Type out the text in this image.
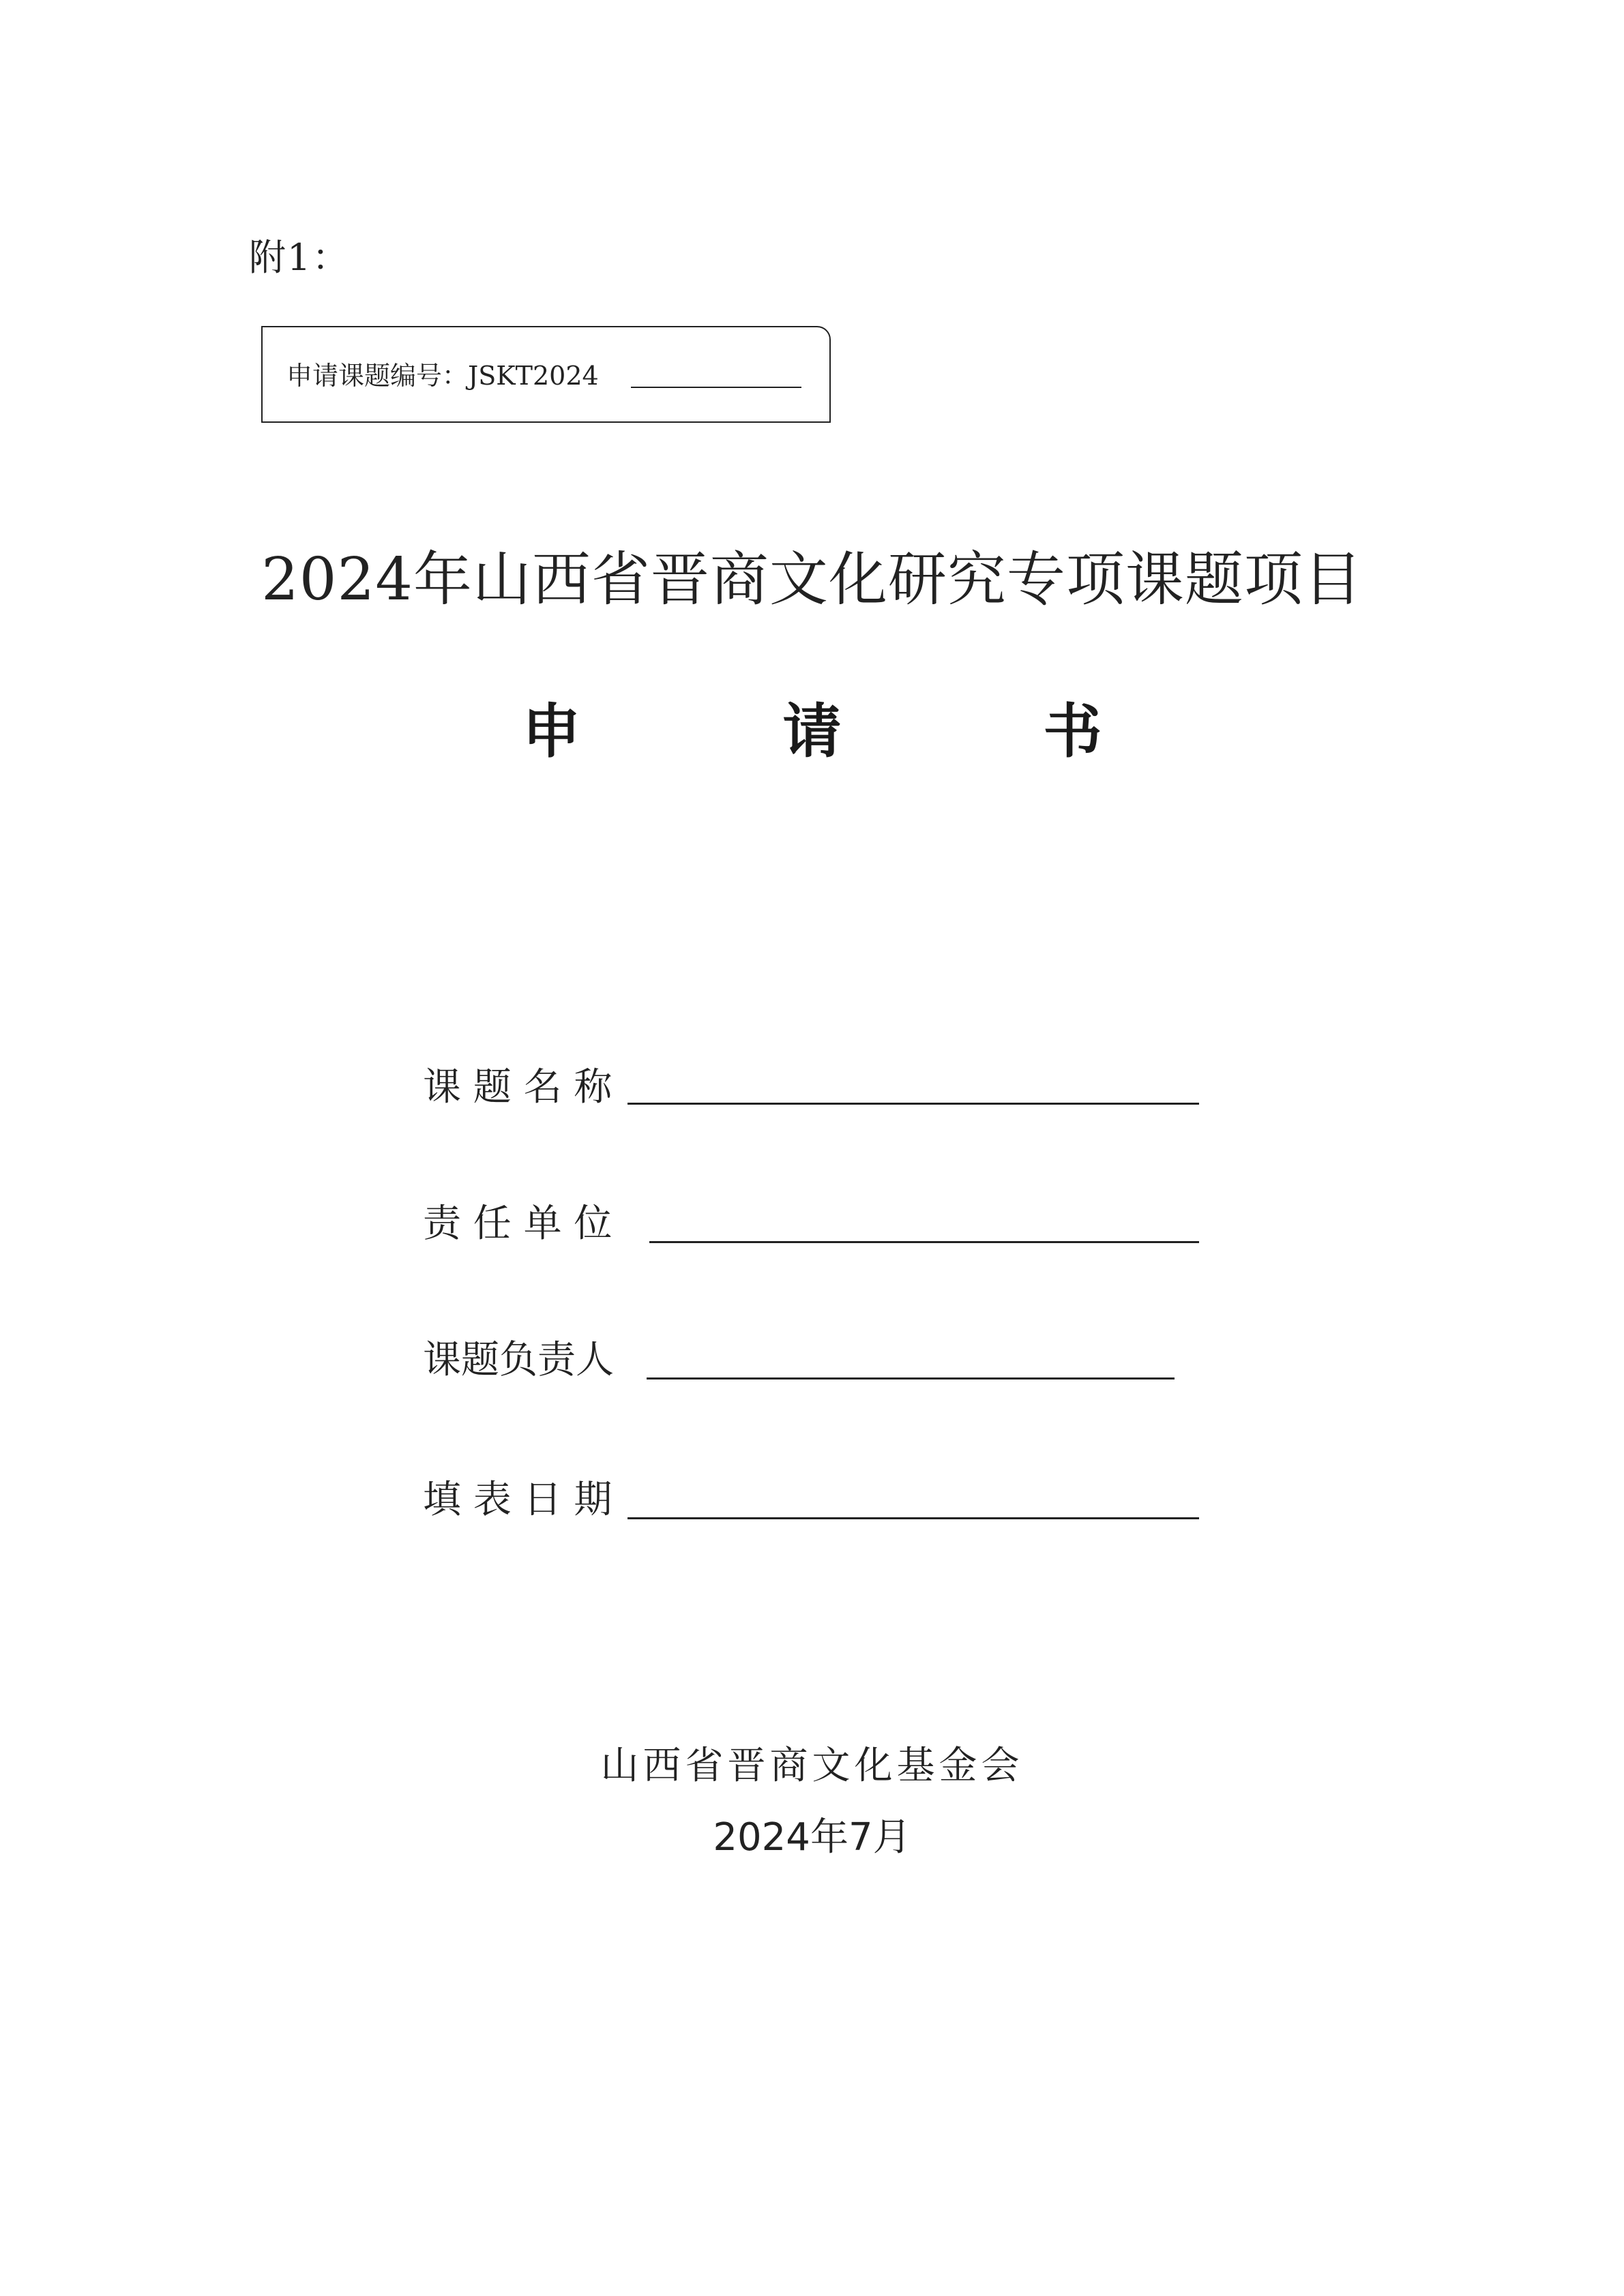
附1：
申请课题编号：JSKT2024
2024年山西省晋商文化研究专项课题项目
申	请	书
课 题 名 称
责 任 单 位
课题负责人
填 表 日 期
山西省晋商文化基金会
2024年7月
